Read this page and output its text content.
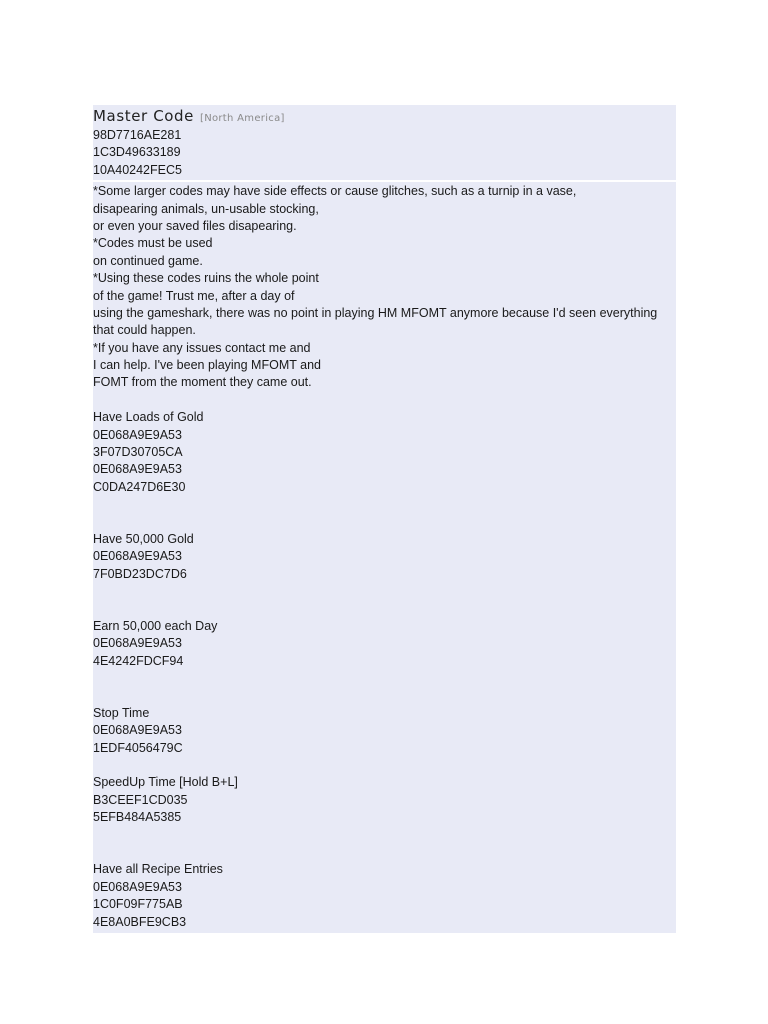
Master Code [North America]
98D7716AE281
1C3D49633189
10A40242FEC5
*Some larger codes may have side effects or cause glitches, such as a turnip in a vase,
disapearing animals, un-usable stocking,
or even your saved files disapearing.
*Codes must be used
on continued game.
*Using these codes ruins the whole point
of the game! Trust me, after a day of
using the gameshark, there was no point in playing HM MFOMT anymore because I'd seen everything
that could happen.
*If you have any issues contact me and
I can help. I've been playing MFOMT and
FOMT from the moment they came out.
Have Loads of Gold
0E068A9E9A53
3F07D30705CA
0E068A9E9A53
C0DA247D6E30
Have 50,000 Gold
0E068A9E9A53
7F0BD23DC7D6
Earn 50,000 each Day
0E068A9E9A53
4E4242FDCF94
Stop Time
0E068A9E9A53
1EDF4056479C
SpeedUp Time [Hold B+L]
B3CEEF1CD035
5EFB484A5385
Have all Recipe Entries
0E068A9E9A53
1C0F09F775AB
4E8A0BFE9CB3
